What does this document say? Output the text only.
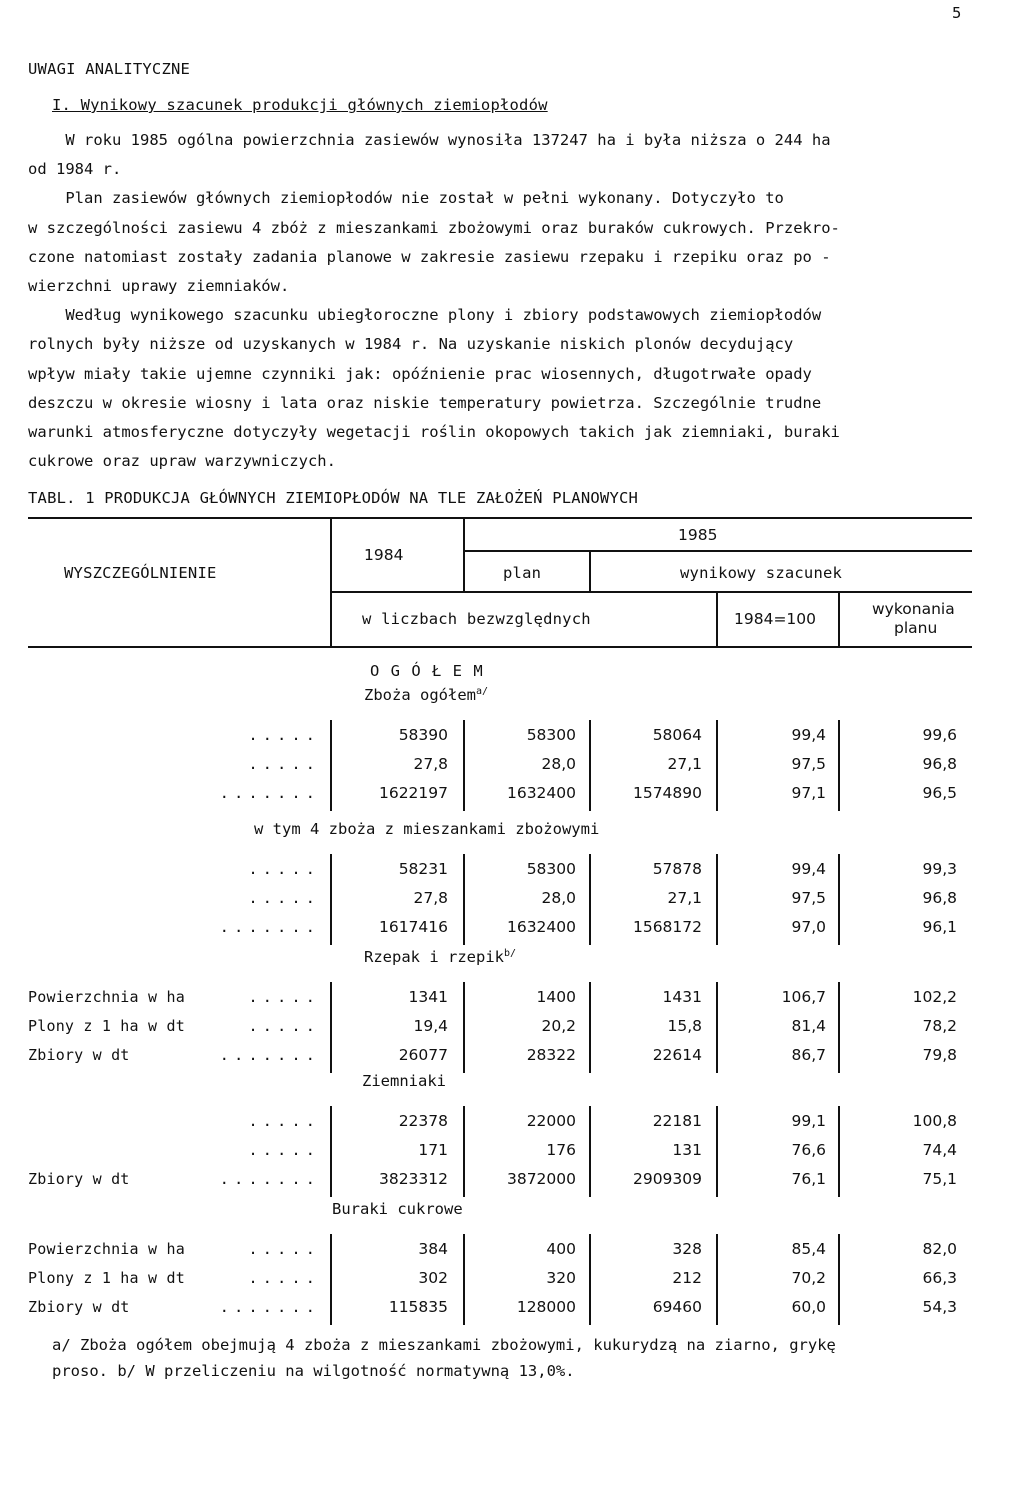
5
UWAGI ANALITYCZNE
I. Wynikowy szacunek produkcji głównych ziemiopłodów
W roku 1985 ogólna powierzchnia zasiewów wynosiła 137247 ha i była niższa o 244 ha
od 1984 r.
Plan zasiewów głównych ziemiopłodów nie został w pełni wykonany. Dotyczyło to
w szczególności zasiewu 4 zbóż z mieszankami zbożowymi oraz buraków cukrowych. Przekro-
czone natomiast zostały zadania planowe w zakresie zasiewu rzepaku i rzepiku oraz po -
wierzchni uprawy ziemniaków.
Według wynikowego szacunku ubiegłoroczne plony i zbiory podstawowych ziemiopłodów
rolnych były niższe od uzyskanych w 1984 r. Na uzyskanie niskich plonów decydujący
wpływ miały takie ujemne czynniki jak: opóźnienie prac wiosennych, długotrwałe opady
deszczu w okresie wiosny i lata oraz niskie temperatury powietrza. Szczególnie trudne
warunki atmosferyczne dotyczyły wegetacji roślin okopowych takich jak ziemniaki, buraki
cukrowe oraz upraw warzywniczych.
TABL. 1 PRODUKCJA GŁÓWNYCH ZIEMIOPŁODÓW NA TLE ZAŁOŻEŃ PLANOWYCH
WYSZCZEGÓLNIENIE
1984
1985
plan	wynikowy szacunek
w liczbach bezwzględnych	1984=100
wykonania
planu
O G Ó Ł E M
Zboża ogółem$^{a/}$
.....	58390	58300	58064	99,4	99,6
.....	27,8	28,0	27,1	97,5	96,8
.......	1622197	1632400	1574890	97,1	96,5
w tym 4 zboża z mieszankami zbożowymi
.....	58231	58300	57878	99,4	99,3
.....	27,8	28,0	27,1	97,5	96,8
.......	1617416	1632400	1568172	97,0	96,1
Rzepak i rzepik$^{b/}$
Powierzchnia w ha	.....	1341	1400	1431	106,7	102,2
Plony z 1 ha w dt	.....	19,4	20,2	15,8	81,4	78,2
Zbiory w dt	.......	26077	28322	22614	86,7	79,8
Ziemniaki
.....	22378	22000	22181	99,1	100,8
.....	171	176	131	76,6	74,4
Zbiory w dt	.......	3823312	3872000	2909309	76,1	75,1
Buraki cukrowe
Powierzchnia w ha	.....	384	400	328	85,4	82,0
Plony z 1 ha w dt	.....	302	320	212	70,2	66,3
Zbiory w dt	.......	115835	128000	69460	60,0	54,3
a/ Zboża ogółem obejmują 4 zboża z mieszankami zbożowymi, kukurydzą na ziarno, grykę
proso. b/ W przeliczeniu na wilgotność normatywną 13,0%.
